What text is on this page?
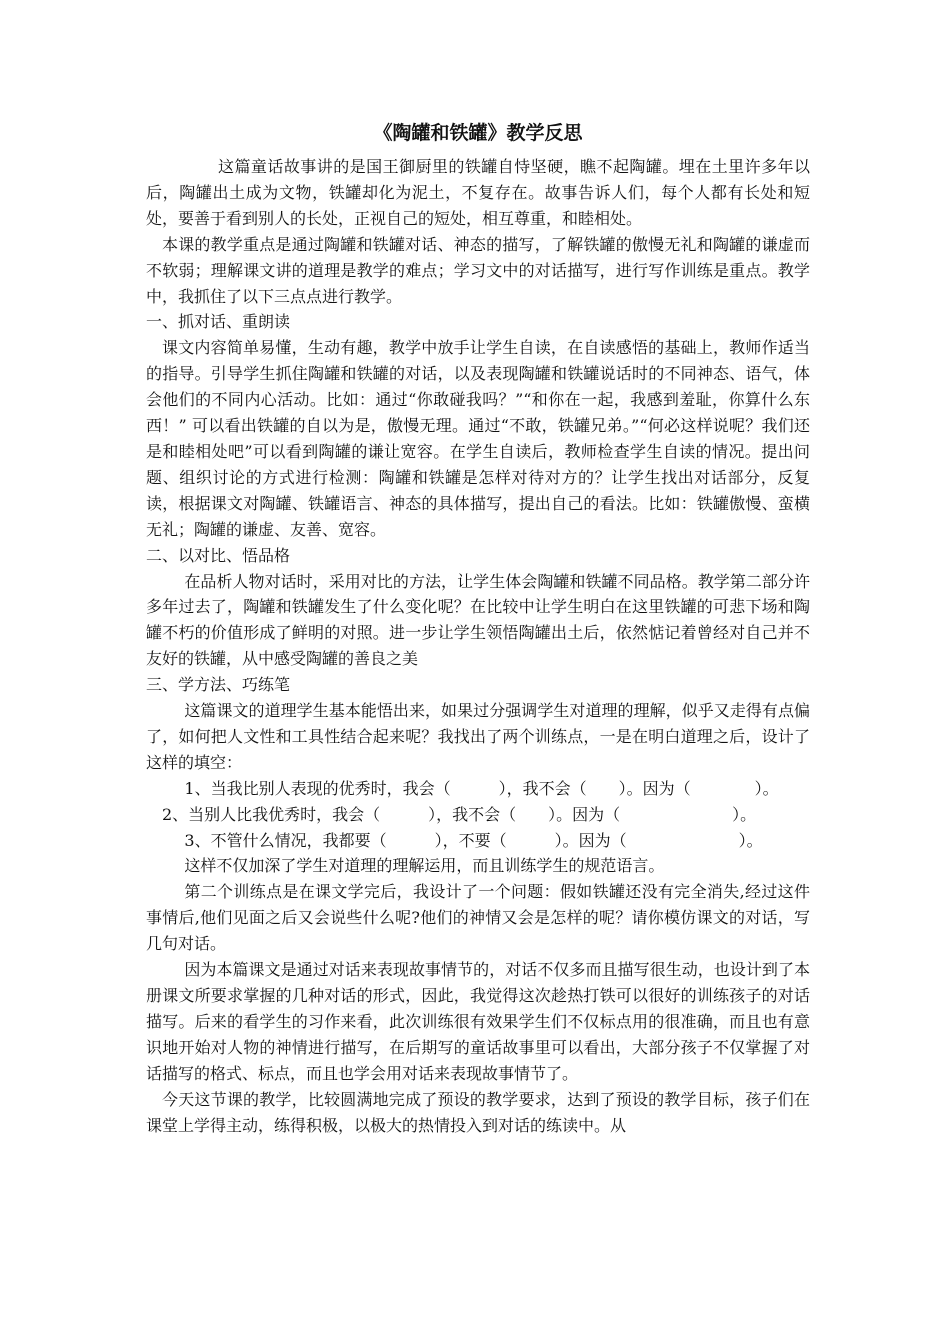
《陶罐和铁罐》教学反思

这篇童话故事讲的是国王御厨里的铁罐自恃坚硬，瞧不起陶罐。埋在土里许多年以后，陶罐出土成为文物，铁罐却化为泥土，不复存在。故事告诉人们，每个人都有长处和短处，要善于看到别人的长处，正视自己的短处，相互尊重，和睦相处。

本课的教学重点是通过陶罐和铁罐对话、神态的描写，了解铁罐的傲慢无礼和陶罐的谦虚而不软弱；理解课文讲的道理是教学的难点；学习文中的对话描写，进行写作训练是重点。教学中，我抓住了以下三点点进行教学。

一、抓对话、重朗读

课文内容简单易懂，生动有趣，教学中放手让学生自读，在自读感悟的基础上，教师作适当的指导。引导学生抓住陶罐和铁罐的对话，以及表现陶罐和铁罐说话时的不同神态、语气，体会他们的不同内心活动。比如：通过“你敢碰我吗？”“和你在一起，我感到羞耻，你算什么东西！” 可以看出铁罐的自以为是，傲慢无理。通过“不敢，铁罐兄弟。”“何必这样说呢？我们还是和睦相处吧”可以看到陶罐的谦让宽容。在学生自读后，教师检查学生自读的情况。提出问题、组织讨论的方式进行检测：陶罐和铁罐是怎样对待对方的？让学生找出对话部分，反复读，根据课文对陶罐、铁罐语言、神态的具体描写，提出自己的看法。比如：铁罐傲慢、蛮横无礼；陶罐的谦虚、友善、宽容。

二、以对比、悟品格

在品析人物对话时，采用对比的方法，让学生体会陶罐和铁罐不同品格。教学第二部分许多年过去了，陶罐和铁罐发生了什么变化呢？在比较中让学生明白在这里铁罐的可悲下场和陶罐不朽的价值形成了鲜明的对照。进一步让学生领悟陶罐出土后，依然惦记着曾经对自己并不友好的铁罐，从中感受陶罐的善良之美

三、学方法、巧练笔

这篇课文的道理学生基本能悟出来，如果过分强调学生对道理的理解，似乎又走得有点偏了，如何把人文性和工具性结合起来呢？我找出了两个训练点，一是在明白道理之后，设计了这样的填空：

1、当我比别人表现的优秀时，我会（　　　），我不会（　　）。因为（　　　　）。

2、当别人比我优秀时，我会（　　　），我不会（　　）。因为（　　　　　　　）。

3、不管什么情况，我都要（　　　），不要（　　　）。因为（　　　　　　　）。

这样不仅加深了学生对道理的理解运用，而且训练学生的规范语言。

第二个训练点是在课文学完后，我设计了一个问题：假如铁罐还没有完全消失,经过这件事情后,他们见面之后又会说些什么呢?他们的神情又会是怎样的呢？请你模仿课文的对话，写几句对话。

因为本篇课文是通过对话来表现故事情节的，对话不仅多而且描写很生动，也设计到了本册课文所要求掌握的几种对话的形式，因此，我觉得这次趁热打铁可以很好的训练孩子的对话描写。后来的看学生的习作来看，此次训练很有效果学生们不仅标点用的很准确，而且也有意识地开始对人物的神情进行描写，在后期写的童话故事里可以看出，大部分孩子不仅掌握了对话描写的格式、标点，而且也学会用对话来表现故事情节了。

今天这节课的教学，比较圆满地完成了预设的教学要求，达到了预设的教学目标，孩子们在课堂上学得主动，练得积极，以极大的热情投入到对话的练读中。从
